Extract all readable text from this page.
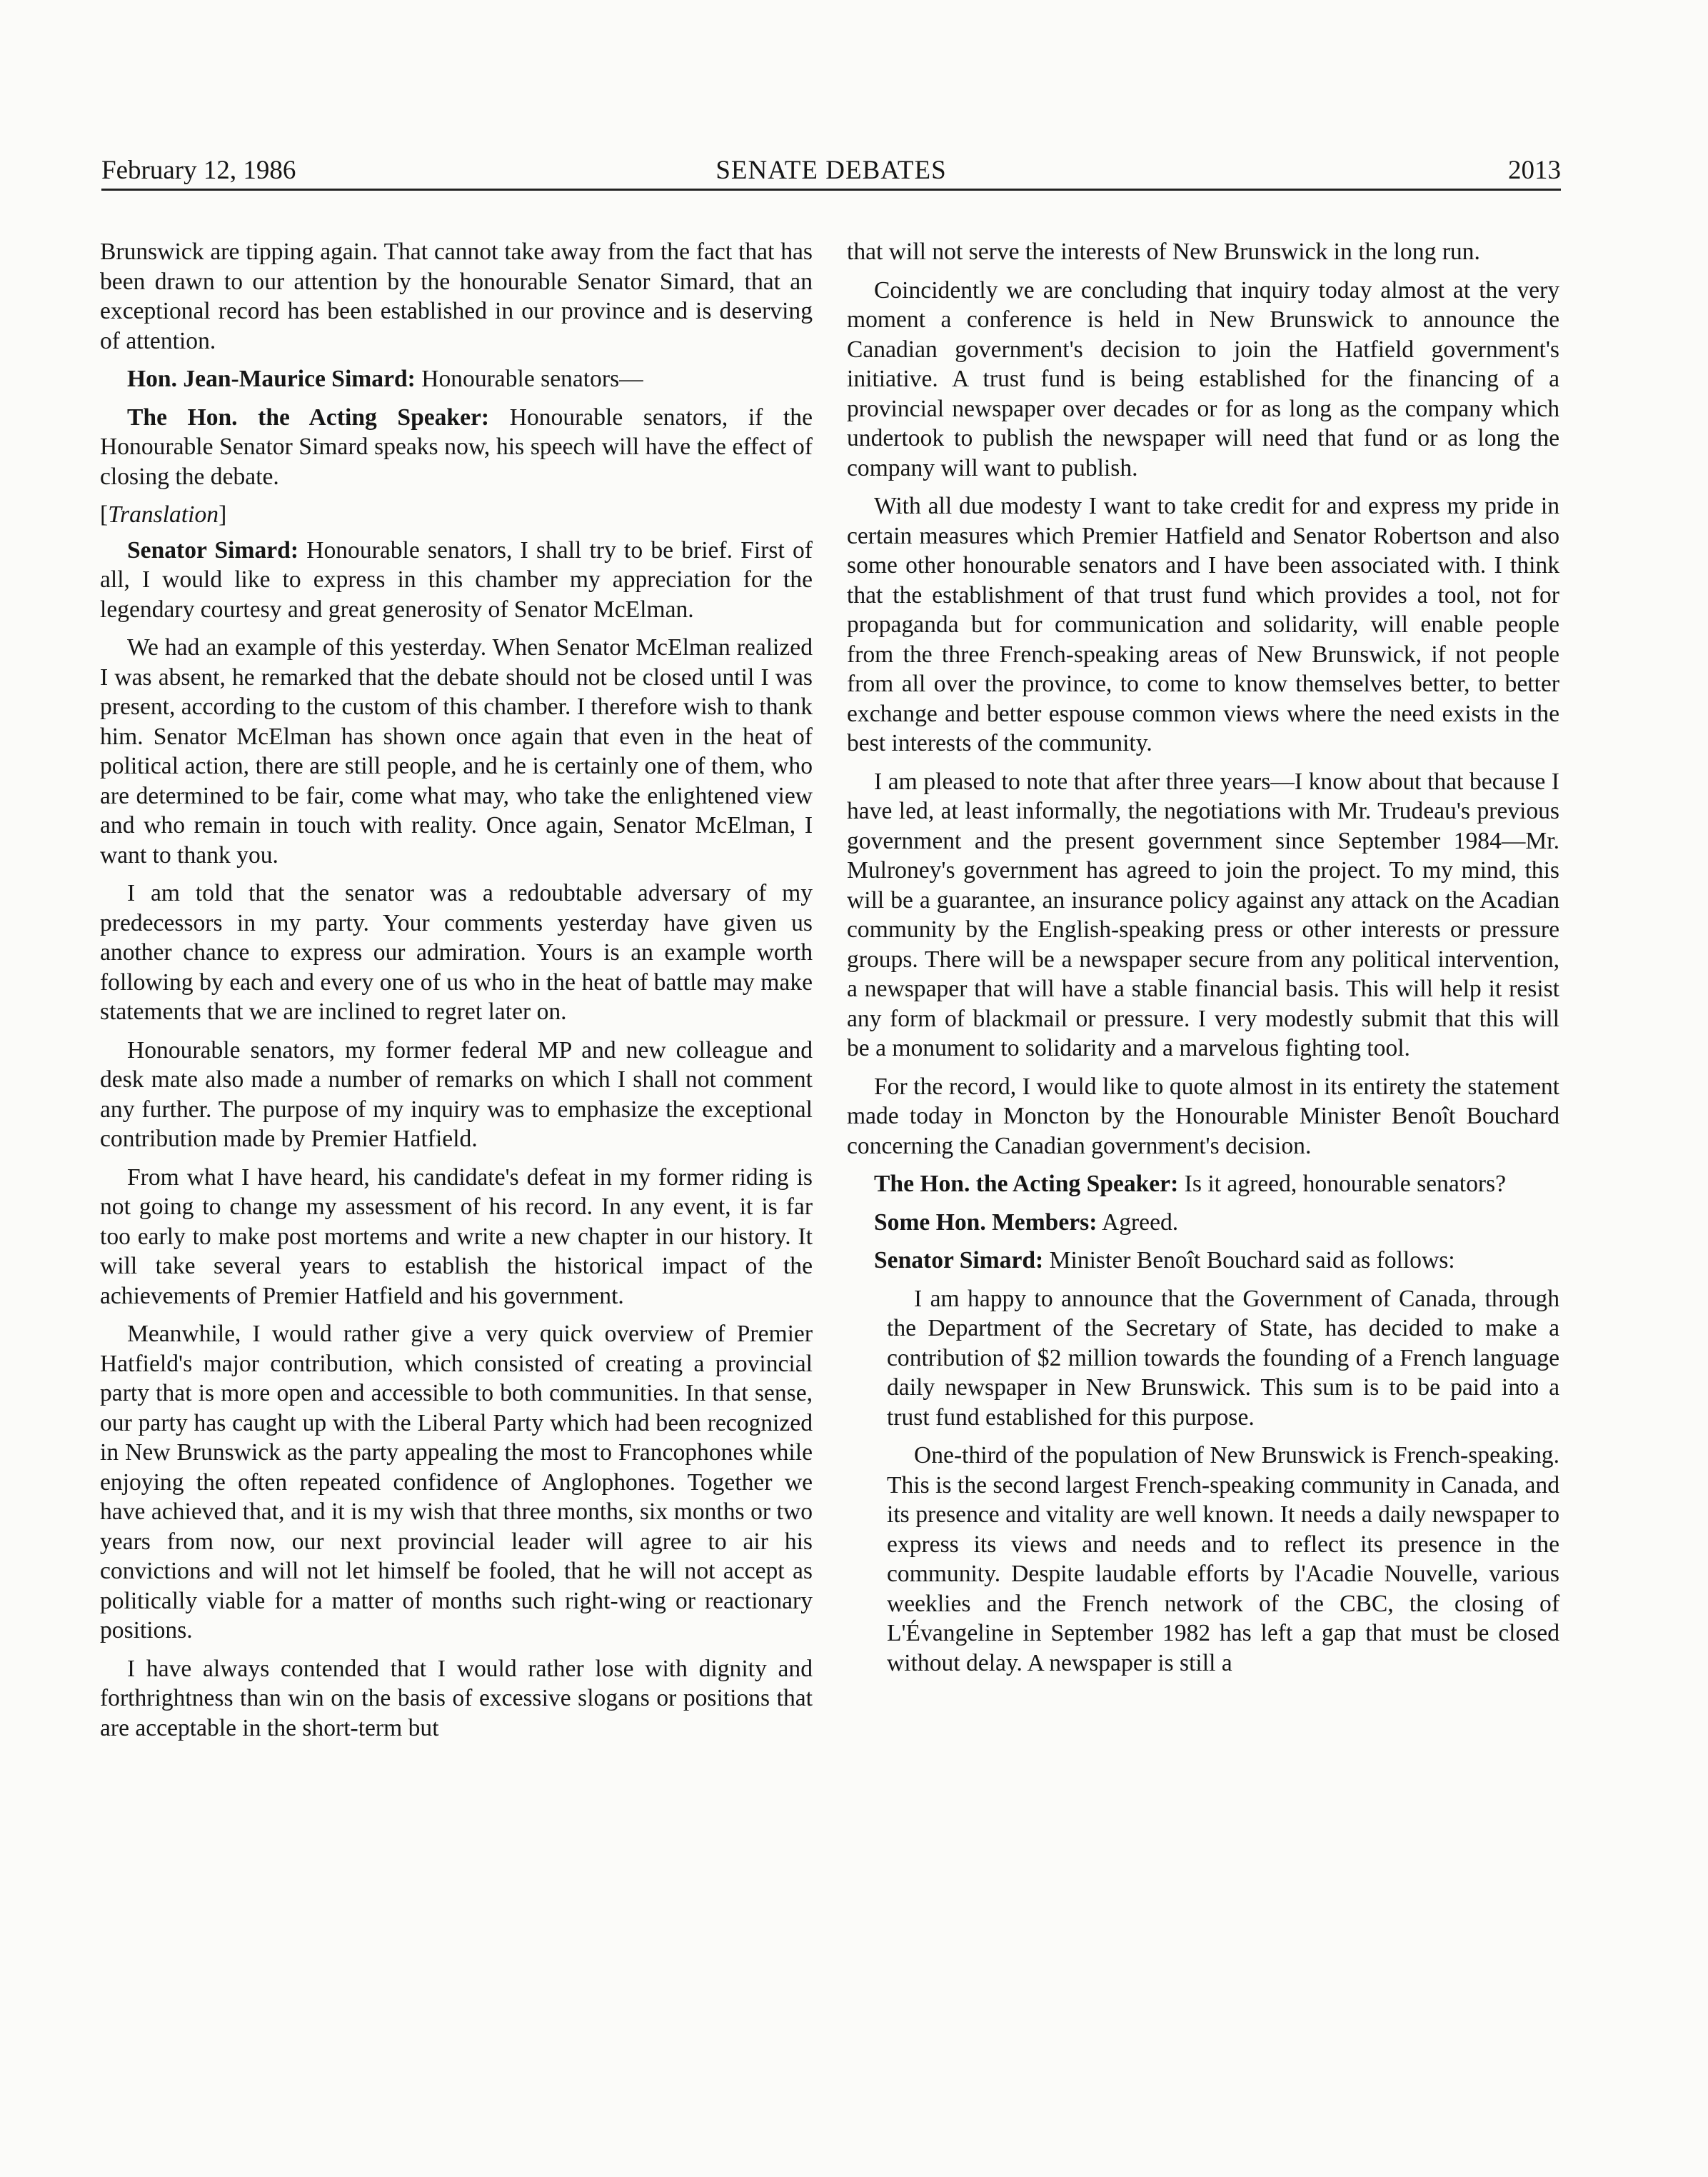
February 12, 1986	SENATE DEBATES	2013

Brunswick are tipping again. That cannot take away from the fact that has been drawn to our attention by the honourable Senator Simard, that an exceptional record has been established in our province and is deserving of attention.

Hon. Jean-Maurice Simard: Honourable senators—

The Hon. the Acting Speaker: Honourable senators, if the Honourable Senator Simard speaks now, his speech will have the effect of closing the debate.

[Translation]

Senator Simard: Honourable senators, I shall try to be brief. First of all, I would like to express in this chamber my appreciation for the legendary courtesy and great generosity of Senator McElman.

We had an example of this yesterday. When Senator McElman realized I was absent, he remarked that the debate should not be closed until I was present, according to the custom of this chamber. I therefore wish to thank him. Senator McElman has shown once again that even in the heat of political action, there are still people, and he is certainly one of them, who are determined to be fair, come what may, who take the enlightened view and who remain in touch with reality. Once again, Senator McElman, I want to thank you.

I am told that the senator was a redoubtable adversary of my predecessors in my party. Your comments yesterday have given us another chance to express our admiration. Yours is an example worth following by each and every one of us who in the heat of battle may make statements that we are inclined to regret later on.

Honourable senators, my former federal MP and new colleague and desk mate also made a number of remarks on which I shall not comment any further. The purpose of my inquiry was to emphasize the exceptional contribution made by Premier Hatfield.

From what I have heard, his candidate's defeat in my former riding is not going to change my assessment of his record. In any event, it is far too early to make post mortems and write a new chapter in our history. It will take several years to establish the historical impact of the achievements of Premier Hatfield and his government.

Meanwhile, I would rather give a very quick overview of Premier Hatfield's major contribution, which consisted of creating a provincial party that is more open and accessible to both communities. In that sense, our party has caught up with the Liberal Party which had been recognized in New Brunswick as the party appealing the most to Francophones while enjoying the often repeated confidence of Anglophones. Together we have achieved that, and it is my wish that three months, six months or two years from now, our next provincial leader will agree to air his convictions and will not let himself be fooled, that he will not accept as politically viable for a matter of months such right-wing or reactionary positions.

I have always contended that I would rather lose with dignity and forthrightness than win on the basis of excessive slogans or positions that are acceptable in the short-term but

that will not serve the interests of New Brunswick in the long run.

Coincidently we are concluding that inquiry today almost at the very moment a conference is held in New Brunswick to announce the Canadian government's decision to join the Hatfield government's initiative. A trust fund is being established for the financing of a provincial newspaper over decades or for as long as the company which undertook to publish the newspaper will need that fund or as long the company will want to publish.

With all due modesty I want to take credit for and express my pride in certain measures which Premier Hatfield and Senator Robertson and also some other honourable senators and I have been associated with. I think that the establishment of that trust fund which provides a tool, not for propaganda but for communication and solidarity, will enable people from the three French-speaking areas of New Brunswick, if not people from all over the province, to come to know themselves better, to better exchange and better espouse common views where the need exists in the best interests of the community.

I am pleased to note that after three years—I know about that because I have led, at least informally, the negotiations with Mr. Trudeau's previous government and the present government since September 1984—Mr. Mulroney's government has agreed to join the project. To my mind, this will be a guarantee, an insurance policy against any attack on the Acadian community by the English-speaking press or other interests or pressure groups. There will be a newspaper secure from any political intervention, a newspaper that will have a stable financial basis. This will help it resist any form of blackmail or pressure. I very modestly submit that this will be a monument to solidarity and a marvelous fighting tool.

For the record, I would like to quote almost in its entirety the statement made today in Moncton by the Honourable Minister Benoît Bouchard concerning the Canadian government's decision.

The Hon. the Acting Speaker: Is it agreed, honourable senators?

Some Hon. Members: Agreed.

Senator Simard: Minister Benoît Bouchard said as follows:

I am happy to announce that the Government of Canada, through the Department of the Secretary of State, has decided to make a contribution of $2 million towards the founding of a French language daily newspaper in New Brunswick. This sum is to be paid into a trust fund established for this purpose.

One-third of the population of New Brunswick is French-speaking. This is the second largest French-speaking community in Canada, and its presence and vitality are well known. It needs a daily newspaper to express its views and needs and to reflect its presence in the community. Despite laudable efforts by l'Acadie Nouvelle, various weeklies and the French network of the CBC, the closing of L'Évangeline in September 1982 has left a gap that must be closed without delay. A newspaper is still a
